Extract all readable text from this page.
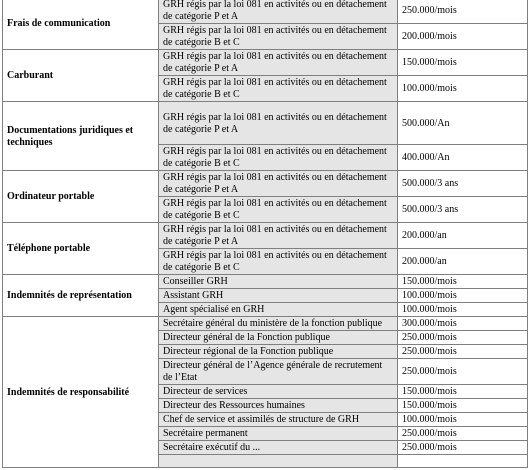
Frais de communication	GRH régis par la loi 081 en activités ou en détachement de catégorie P et A	250.000/mois
	GRH régis par la loi 081 en activités ou en détachement de catégorie B et C	200.000/mois
Carburant	GRH régis par la loi 081 en activités ou en détachement de catégorie P et A	150.000/mois
	GRH régis par la loi 081 en activités ou en détachement de catégorie B et C	100.000/mois
Documentations juridiques et techniques	GRH régis par la loi 081 en activités ou en détachement de catégorie P et A	500.000/An
	GRH régis par la loi 081 en activités ou en détachement de catégorie B et C	400.000/An
Ordinateur portable	GRH régis par la loi 081 en activités ou en détachement de catégorie P et A	500.000/3 ans
	GRH régis par la loi 081 en activités ou en détachement de catégorie B et C	500.000/3 ans
Téléphone portable	GRH régis par la loi 081 en activités ou en détachement de catégorie P et A	200.000/an
	GRH régis par la loi 081 en activités ou en détachement de catégorie B et C	200.000/an
Indemnités de représentation	Conseiller GRH	150.000/mois
	Assistant GRH	100.000/mois
	Agent spécialisé en GRH	100.000/mois
Indemnités de responsabilité	Secrétaire général du ministère de la fonction publique	300.000/mois
	Directeur général de la Fonction publique	250.000/mois
	Directeur régional de la Fonction publique	250.000/mois
	Directeur général de l’Agence générale de recrutement de l’Etat	250.000/mois
	Directeur de services	150.000/mois
	Directeur des Ressources humaines	150.000/mois
	Chef de service et assimilés de structure de GRH	100.000/mois
	Secrétaire permanent	250.000/mois
	Secrétaire exécutif du ...	250.000/mois
